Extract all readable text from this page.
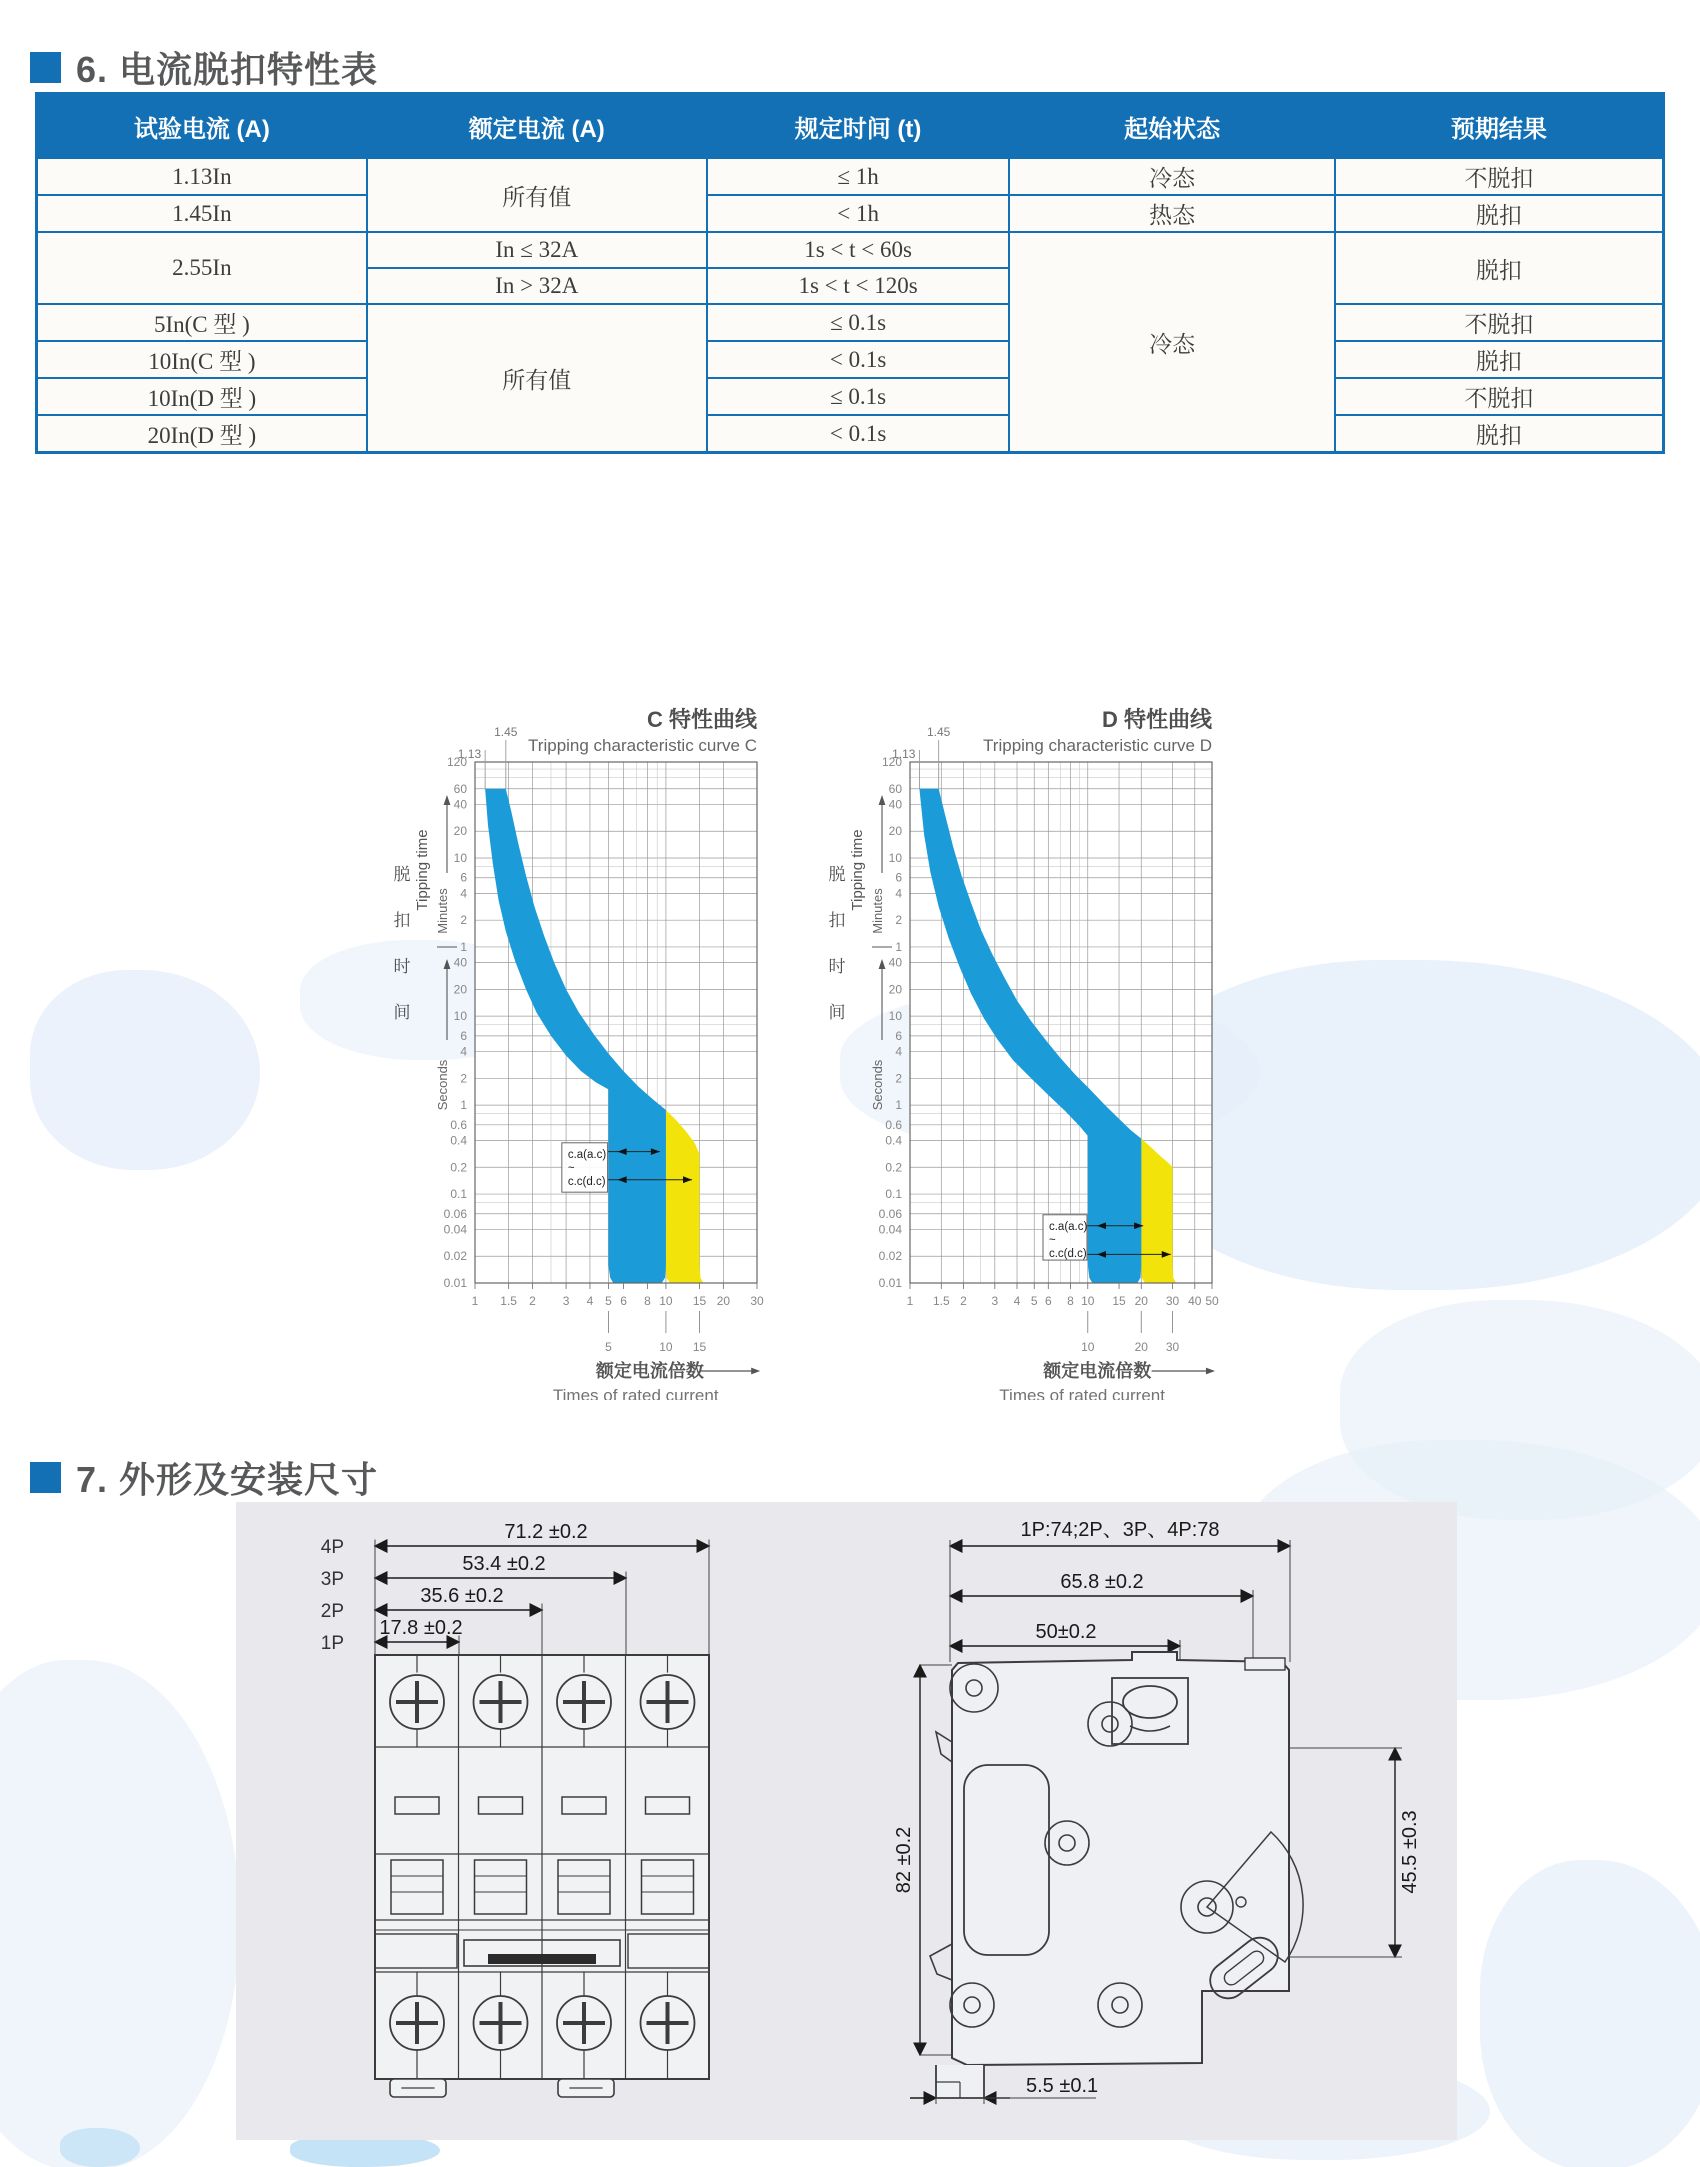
6. 电流脱扣特性表
试验电流 (A)	额定电流 (A)	规定时间 (t)	起始状态	预期结果
1.13In	所有值	≤ 1h	冷态	不脱扣
1.45In		< 1h	热态	脱扣
2.55In	In ≤ 32A	1s < t < 60s	冷态	脱扣
	In > 32A	1s < t < 120s		
5In(C 型 )	所有值	≤ 0.1s		不脱扣
10In(C 型 )		< 0.1s		脱扣
10In(D 型 )		≤ 0.1s		不脱扣
20In(D 型 )		< 0.1s		脱扣
C 特性曲线
Tripping characteristic curve C
1.45
1.13
120
60
40
20
10
6
4
2
1
40
20
10
6
4
2
1
0.6
0.4
0.2
0.1
0.06
0.04
0.02
0.01
1 1.5 2 3 4 5 6 8 10 15 20 30
5	10 15
额定电流倍数
Times of rated current
脱
扣
时
间
Tipping time
Minutes
Seconds
c.a(a.c)
~
c.c(d.c)
D 特性曲线
Tripping characteristic curve D
1.45
1.13
120
60
40
20
10
6
4
2
1
40
20
10
6
4
2
1
0.6
0.4
0.2
0.1
0.06
0.04
0.02
0.01
1 1.5 2 3 4 5 6 8 10 15 20 30 40 50
10	20 30
额定电流倍数
Times of rated current
脱
扣
时
间
Tipping time
Minutes
Seconds
c.a(a.c)
~
c.c(d.c)
7. 外形及安装尺寸
4P
3P
2P
1P
71.2 ±0.2
53.4 ±0.2
35.6 ±0.2
17.8 ±0.2
1P:74;2P、3P、4P:78
65.8 ±0.2
50±0.2
82 ±0.2	45.5 ±0.3
5.5 ±0.1
